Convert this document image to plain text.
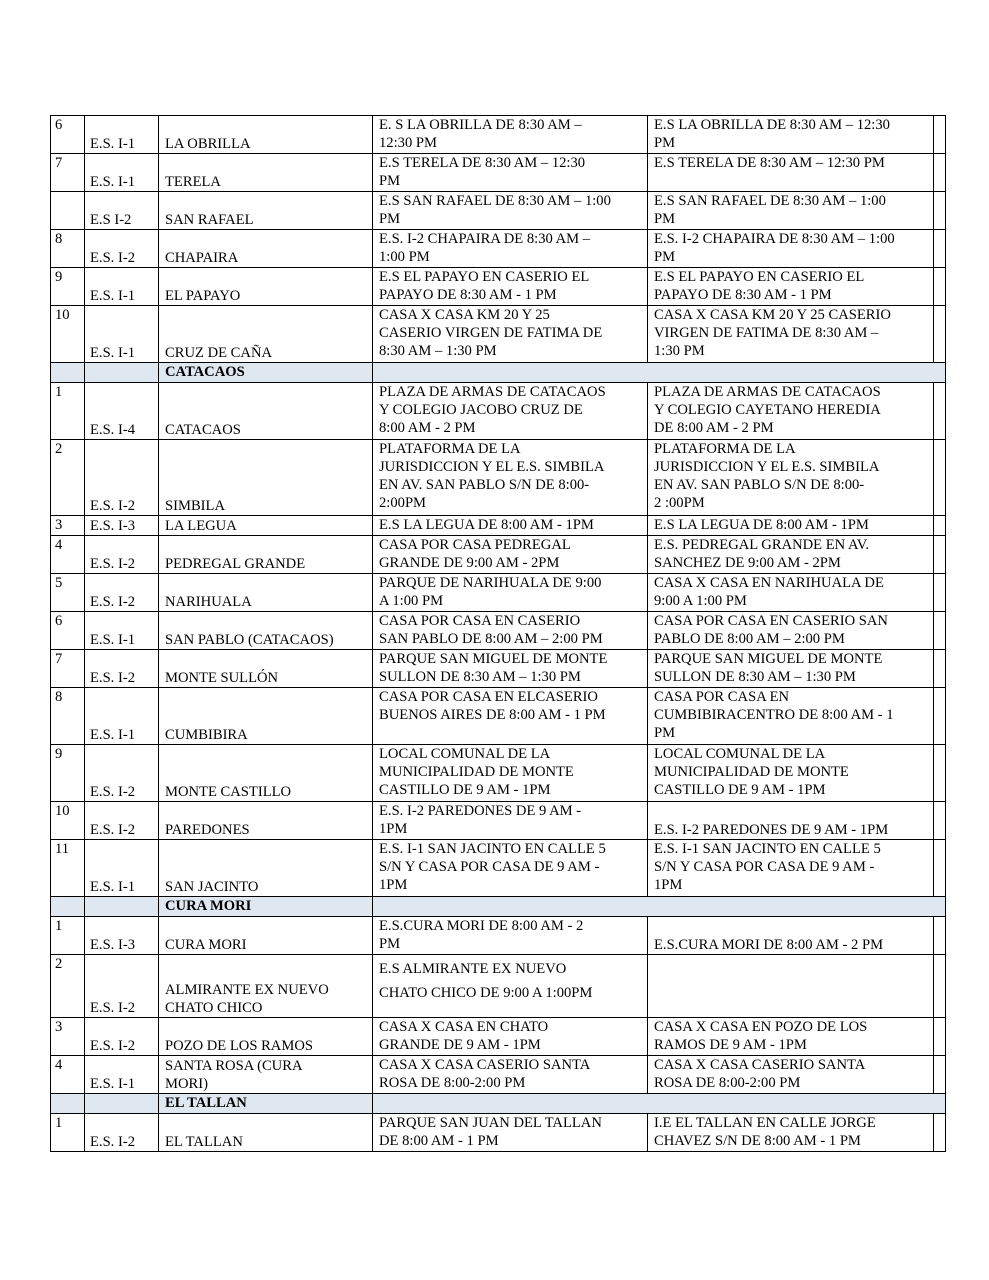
6	E.S. I-1	LA OBRILLA	E. S LA OBRILLA DE 8:30 AM –
12:30 PM	E.S LA OBRILLA DE 8:30 AM – 12:30
PM	

7	E.S. I-1	TERELA	E.S TERELA DE 8:30 AM – 12:30
PM	E.S TERELA DE 8:30 AM – 12:30 PM	

	E.S I-2	SAN RAFAEL	E.S SAN RAFAEL DE 8:30 AM – 1:00
PM	E.S SAN RAFAEL DE 8:30 AM – 1:00
PM	

8	E.S. I-2	CHAPAIRA	E.S. I-2 CHAPAIRA DE 8:30 AM –
1:00 PM	E.S. I-2 CHAPAIRA DE 8:30 AM – 1:00
PM	

9	E.S. I-1	EL PAPAYO	E.S EL PAPAYO EN CASERIO EL
PAPAYO DE 8:30 AM - 1 PM	E.S EL PAPAYO EN CASERIO EL
PAPAYO DE 8:30 AM - 1 PM	

10	E.S. I-1	CRUZ DE CAÑA	CASA X CASA KM 20 Y 25
CASERIO VIRGEN DE FATIMA DE
8:30 AM – 1:30 PM	CASA X CASA KM 20 Y 25 CASERIO
VIRGEN DE FATIMA DE 8:30 AM –
1:30 PM	

		CATACAOS			
1	E.S. I-4	CATACAOS	PLAZA DE ARMAS DE CATACAOS
Y COLEGIO JACOBO CRUZ DE
8:00 AM - 2 PM	PLAZA DE ARMAS DE CATACAOS
Y COLEGIO CAYETANO HEREDIA
DE 8:00 AM - 2 PM	

2	E.S. I-2	SIMBILA	PLATAFORMA DE LA
JURISDICCION Y EL E.S. SIMBILA
EN AV. SAN PABLO S/N DE 8:00-
2:00PM	PLATAFORMA DE LA
JURISDICCION Y EL E.S. SIMBILA
EN AV. SAN PABLO S/N DE 8:00-
2 :00PM	

3	E.S. I-3	LA LEGUA	E.S LA LEGUA DE 8:00 AM - 1PM	E.S LA LEGUA DE 8:00 AM - 1PM	

4	E.S. I-2	PEDREGAL GRANDE	CASA POR CASA PEDREGAL
GRANDE DE 9:00 AM - 2PM	E.S. PEDREGAL GRANDE EN AV.
SANCHEZ DE 9:00 AM - 2PM	

5	E.S. I-2	NARIHUALA	PARQUE DE NARIHUALA DE 9:00
A 1:00 PM	CASA X CASA EN NARIHUALA DE
9:00 A 1:00 PM	

6	E.S. I-1	SAN PABLO (CATACAOS)	CASA POR CASA EN CASERIO
SAN PABLO DE 8:00 AM – 2:00 PM	CASA POR CASA EN CASERIO SAN
PABLO DE 8:00 AM – 2:00 PM	

7	E.S. I-2	MONTE SULLÓN	PARQUE SAN MIGUEL DE MONTE
SULLON DE 8:30 AM – 1:30 PM	PARQUE SAN MIGUEL DE MONTE
SULLON DE 8:30 AM – 1:30 PM	

8	E.S. I-1	CUMBIBIRA	CASA POR CASA EN ELCASERIO
BUENOS AIRES DE 8:00 AM - 1 PM	CASA POR CASA EN
CUMBIBIRACENTRO DE 8:00 AM - 1
PM	

9	E.S. I-2	MONTE CASTILLO	LOCAL COMUNAL DE LA
MUNICIPALIDAD DE MONTE
CASTILLO DE 9 AM - 1PM	LOCAL COMUNAL DE LA
MUNICIPALIDAD DE MONTE
CASTILLO DE 9 AM - 1PM	

10	E.S. I-2	PAREDONES	E.S. I-2 PAREDONES DE 9 AM -
1PM	E.S. I-2 PAREDONES DE 9 AM - 1PM	

11	E.S. I-1	SAN JACINTO	E.S. I-1 SAN JACINTO EN CALLE 5
S/N Y CASA POR CASA DE 9 AM -
1PM	E.S. I-1 SAN JACINTO EN CALLE 5
S/N Y CASA POR CASA DE 9 AM -
1PM	

		CURA MORI			
1	E.S. I-3	CURA MORI	E.S.CURA MORI DE 8:00 AM - 2
PM	E.S.CURA MORI DE 8:00 AM - 2 PM	

2	E.S. I-2	ALMIRANTE EX NUEVO
CHATO CHICO	E.S ALMIRANTE EX NUEVO
CHATO CHICO DE 9:00 A 1:00PM		

3	E.S. I-2	POZO DE LOS RAMOS	CASA X CASA EN CHATO
GRANDE DE 9 AM - 1PM	CASA X CASA EN POZO DE LOS
RAMOS DE 9 AM - 1PM	

4	E.S. I-1	SANTA ROSA (CURA
MORI)	CASA X CASA CASERIO SANTA
ROSA DE 8:00-2:00 PM	CASA X CASA CASERIO SANTA
ROSA DE 8:00-2:00 PM	

		EL TALLAN			
1	E.S. I-2	EL TALLAN	PARQUE SAN JUAN DEL TALLAN
DE 8:00 AM - 1 PM	I.E EL TALLAN EN CALLE JORGE
CHAVEZ S/N DE 8:00 AM - 1 PM	
